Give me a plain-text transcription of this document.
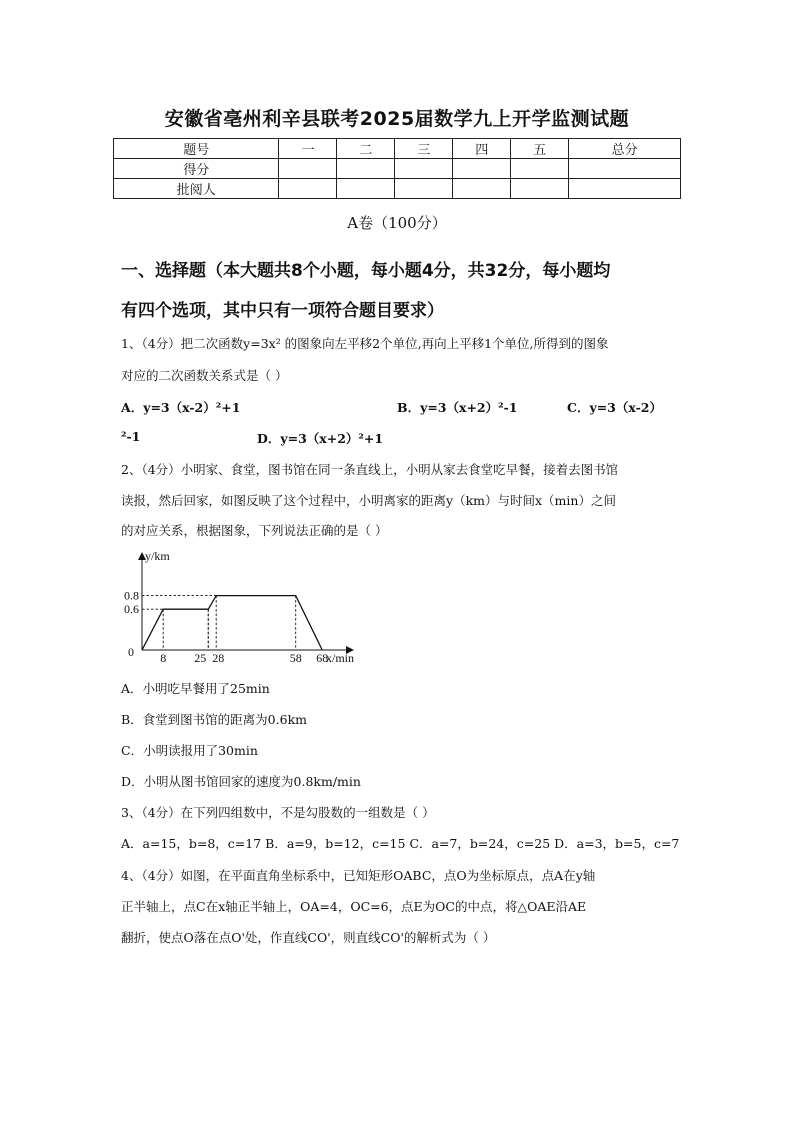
安徽省亳州利辛县联考2025届数学九上开学监测试题
题号	一	二	三	四	五	总分
得分						
批阅人						
A卷（100分）
一、选择题（本大题共8个小题，每小题4分，共32分，每小题均
有四个选项，其中只有一项符合题目要求）
1、（4分）把二次函数y=3x² 的图象向左平移2个单位,再向上平移1个单位,所得到的图象
对应的二次函数关系式是（ ）
A．y=3（x-2）²+1	B．y=3（x+2）²-1	C．y=3（x-2）
²-1	D．y=3（x+2）²+1
2、（4分）小明家、食堂，图书馆在同一条直线上，小明从家去食堂吃早餐，接着去图书馆
读报，然后回家，如图反映了这个过程中，小明离家的距离y（km）与时间x（min）之间
的对应关系，根据图象，下列说法正确的是（ ）
y/km
x/min
0 8 25 28	58 68
0.6
0.8
A．小明吃早餐用了25min
B．食堂到图书馆的距离为0.6km
C．小明读报用了30min
D．小明从图书馆回家的速度为0.8km/min
3、（4分）在下列四组数中，不是勾股数的一组数是（ ）
A．a=15，b=8，c=17 B．a=9，b=12，c=15 C．a=7，b=24，c=25 D．a=3，b=5，c=7
4、（4分）如图，在平面直角坐标系中，已知矩形OABC，点O为坐标原点，点A在y轴
正半轴上，点C在x轴正半轴上，OA=4，OC=6，点E为OC的中点，将△OAE沿AE
翻折，使点O落在点O'处，作直线CO'，则直线CO'的解析式为（ ）
